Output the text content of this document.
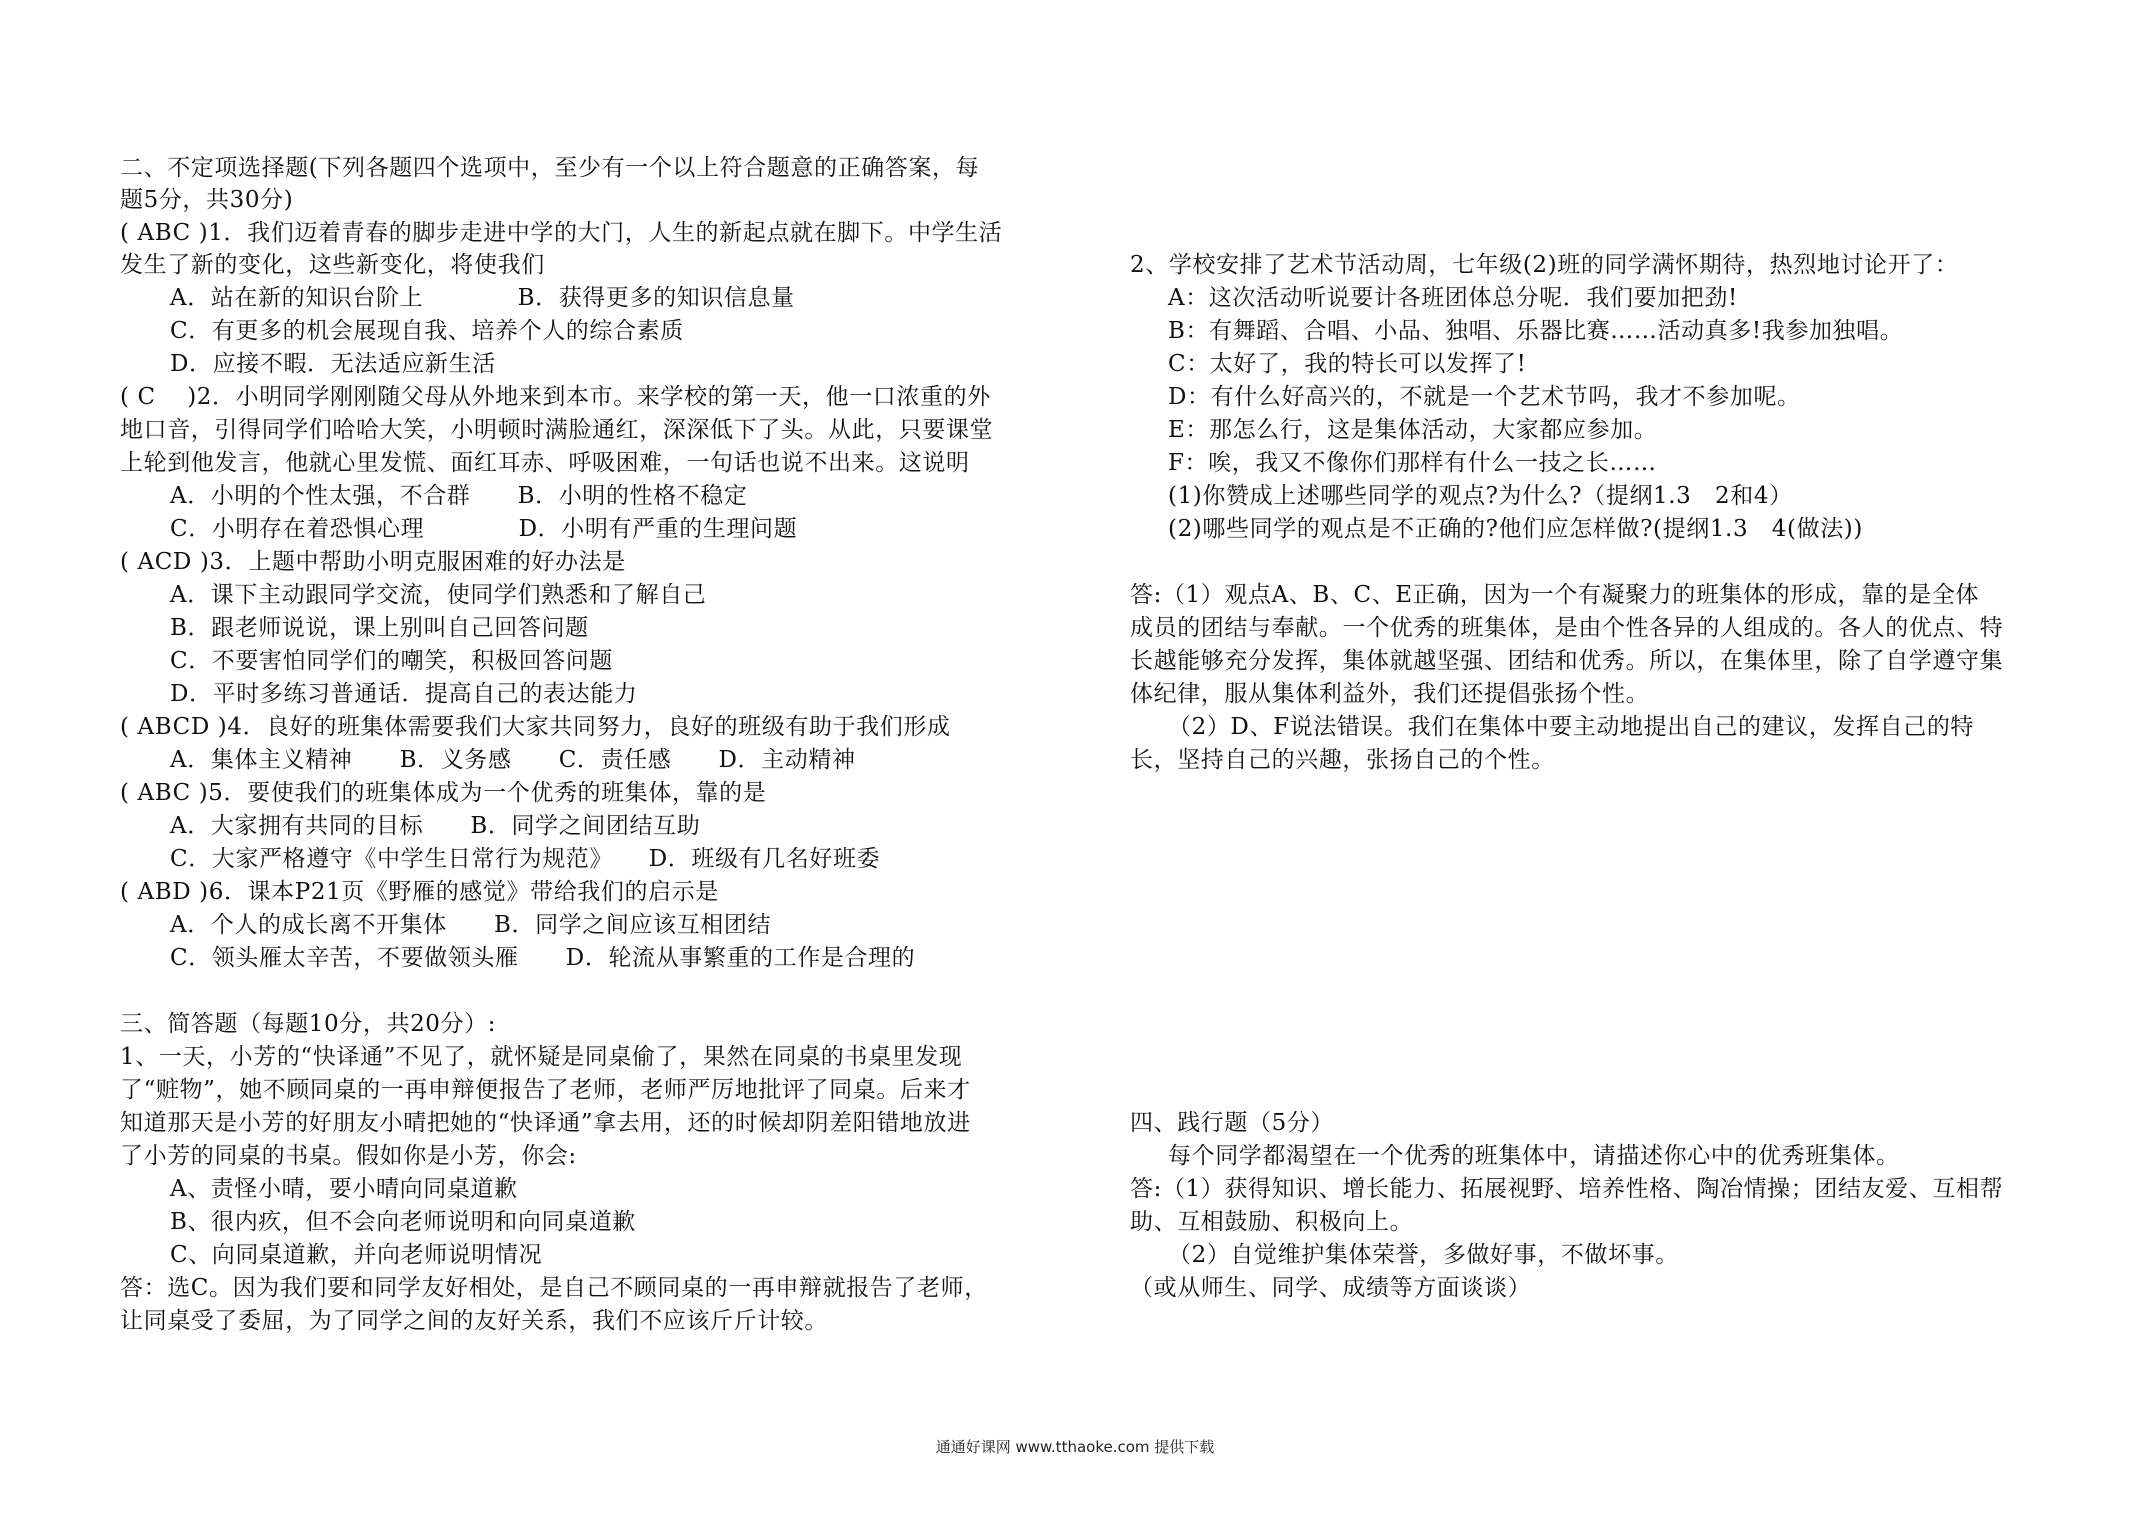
二、不定项选择题(下列各题四个选项中，至少有一个以上符合题意的正确答案，每
题5分，共30分)
( ABC )1．我们迈着青春的脚步走进中学的大门，人生的新起点就在脚下。中学生活
发生了新的变化，这些新变化，将使我们
A．站在新的知识台阶上　　　　B．获得更多的知识信息量
C．有更多的机会展现自我、培养个人的综合素质
D．应接不暇．无法适应新生活
( C　 )2．小明同学刚刚随父母从外地来到本市。来学校的第一天，他一口浓重的外
地口音，引得同学们哈哈大笑，小明顿时满脸通红，深深低下了头。从此，只要课堂
上轮到他发言，他就心里发慌、面红耳赤、呼吸困难，一句话也说不出来。这说明
A．小明的个性太强，不合群　　B．小明的性格不稳定
C．小明存在着恐惧心理　　　　D．小明有严重的生理问题
( ACD )3．上题中帮助小明克服困难的好办法是
A．课下主动跟同学交流，使同学们熟悉和了解自己
B．跟老师说说，课上别叫自己回答问题
C．不要害怕同学们的嘲笑，积极回答问题
D．平时多练习普通话．提高自己的表达能力
( ABCD )4．良好的班集体需要我们大家共同努力，良好的班级有助于我们形成
A．集体主义精神　　B．义务感　　C．责任感　　D．主动精神
( ABC )5．要使我们的班集体成为一个优秀的班集体，靠的是
A．大家拥有共同的目标　　B．同学之间团结互助
C．大家严格遵守《中学生日常行为规范》　　D．班级有几名好班委
( ABD )6．课本P21页《野雁的感觉》带给我们的启示是
A．个人的成长离不开集体　　B．同学之间应该互相团结
C．领头雁太辛苦，不要做领头雁　　D．轮流从事繁重的工作是合理的
三、简答题（每题10分，共20分）:
1、一天，小芳的“快译通”不见了，就怀疑是同桌偷了，果然在同桌的书桌里发现
了“赃物”，她不顾同桌的一再申辩便报告了老师，老师严厉地批评了同桌。后来才
知道那天是小芳的好朋友小晴把她的“快译通”拿去用，还的时候却阴差阳错地放进
了小芳的同桌的书桌。假如你是小芳，你会:
A、责怪小晴，要小晴向同桌道歉
B、很内疚，但不会向老师说明和向同桌道歉
C、向同桌道歉，并向老师说明情况
答：选C。因为我们要和同学友好相处，是自己不顾同桌的一再申辩就报告了老师，
让同桌受了委屈，为了同学之间的友好关系，我们不应该斤斤计较。
2、学校安排了艺术节活动周，七年级(2)班的同学满怀期待，热烈地讨论开了：
A：这次活动听说要计各班团体总分呢．我们要加把劲!
B：有舞蹈、合唱、小品、独唱、乐器比赛……活动真多!我参加独唱。
C：太好了，我的特长可以发挥了!
D：有什么好高兴的，不就是一个艺术节吗，我才不参加呢。
E：那怎么行，这是集体活动，大家都应参加。
F：唉，我又不像你们那样有什么一技之长……
(1)你赞成上述哪些同学的观点?为什么?（提纲1.3　2和4）
(2)哪些同学的观点是不正确的?他们应怎样做?(提纲1.3　4(做法))
答:（1）观点A、B、C、E正确，因为一个有凝聚力的班集体的形成，靠的是全体
成员的团结与奉献。一个优秀的班集体，是由个性各异的人组成的。各人的优点、特
长越能够充分发挥，集体就越坚强、团结和优秀。所以，在集体里，除了自学遵守集
体纪律，服从集体利益外，我们还提倡张扬个性。
（2）D、F说法错误。我们在集体中要主动地提出自己的建议，发挥自己的特
长，坚持自己的兴趣，张扬自己的个性。
四、践行题（5分）
每个同学都渴望在一个优秀的班集体中，请描述你心中的优秀班集体。
答:（1）获得知识、增长能力、拓展视野、培养性格、陶冶情操；团结友爱、互相帮
助、互相鼓励、积极向上。
（2）自觉维护集体荣誉，多做好事，不做坏事。
（或从师生、同学、成绩等方面谈谈）
通通好课网 www.tthaoke.com 提供下载
